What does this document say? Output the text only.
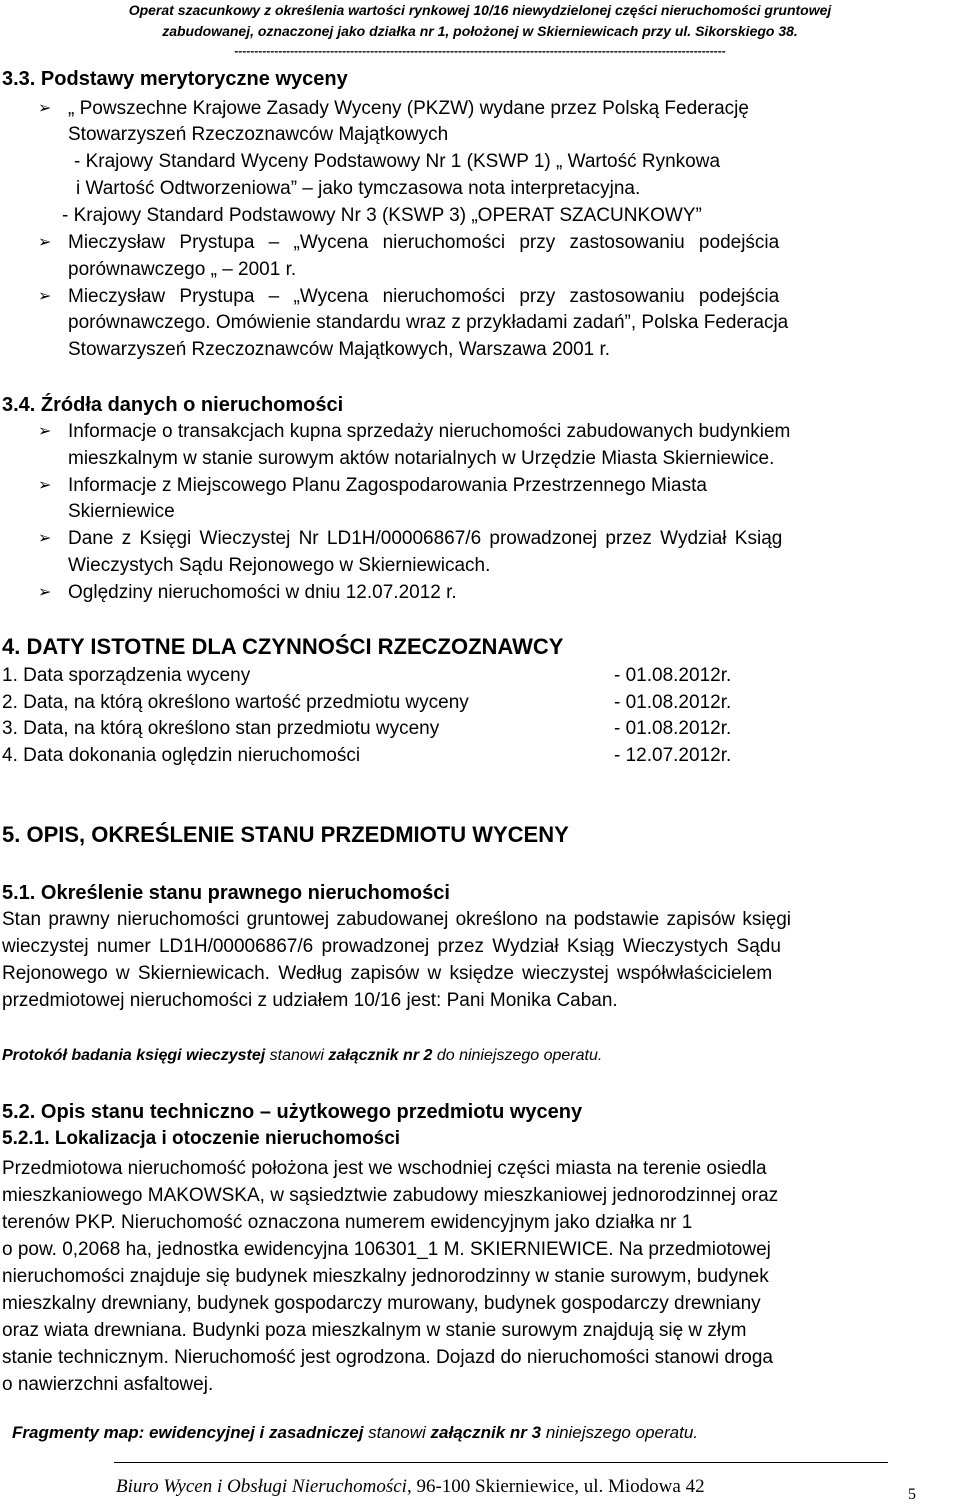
Operat szacunkowy z określenia wartości rynkowej 10/16 niewydzielonej części nieruchomości gruntowej
zabudowanej, oznaczonej jako działka nr 1, położonej w Skierniewicach przy ul. Sikorskiego 38.
---------------------------------------------------------------------------------------------------------------------------
3.3. Podstawy merytoryczne wyceny
➢ „ Powszechne Krajowe Zasady Wyceny (PKZW) wydane przez Polską Federację
Stowarzyszeń Rzeczoznawców Majątkowych
- Krajowy Standard Wyceny Podstawowy Nr 1 (KSWP 1) „ Wartość Rynkowa
i Wartość Odtworzeniowa” – jako tymczasowa nota interpretacyjna.
- Krajowy Standard Podstawowy Nr 3 (KSWP 3) „OPERAT SZACUNKOWY”
➢ Mieczysław Prystupa – „Wycena nieruchomości przy zastosowaniu podejścia
porównawczego „ – 2001 r.
➢ Mieczysław Prystupa – „Wycena nieruchomości przy zastosowaniu podejścia
porównawczego. Omówienie standardu wraz z przykładami zadań”, Polska Federacja
Stowarzyszeń Rzeczoznawców Majątkowych, Warszawa 2001 r.
3.4. Źródła danych o nieruchomości
➢ Informacje o transakcjach kupna sprzedaży nieruchomości zabudowanych budynkiem
mieszkalnym w stanie surowym aktów notarialnych w Urzędzie Miasta Skierniewice.
➢ Informacje z Miejscowego Planu Zagospodarowania Przestrzennego Miasta
Skierniewice
➢ Dane z Księgi Wieczystej Nr LD1H/00006867/6 prowadzonej przez Wydział Ksiąg
Wieczystych Sądu Rejonowego w Skierniewicach.
➢ Oględziny nieruchomości w dniu 12.07.2012 r.
4. DATY ISTOTNE DLA CZYNNOŚCI RZECZOZNAWCY
1. Data sporządzenia wyceny	- 01.08.2012r.
2. Data, na którą określono wartość przedmiotu wyceny	- 01.08.2012r.
3. Data, na którą określono stan przedmiotu wyceny	- 01.08.2012r.
4. Data dokonania oględzin nieruchomości	- 12.07.2012r.
5. OPIS, OKREŚLENIE STANU PRZEDMIOTU WYCENY
5.1. Określenie stanu prawnego nieruchomości
Stan prawny nieruchomości gruntowej zabudowanej określono na podstawie zapisów księgi
wieczystej numer LD1H/00006867/6 prowadzonej przez Wydział Ksiąg Wieczystych Sądu
Rejonowego w Skierniewicach. Według zapisów w księdze wieczystej współwłaścicielem
przedmiotowej nieruchomości z udziałem 10/16 jest: Pani Monika Caban.
Protokół badania księgi wieczystej stanowi załącznik nr 2 do niniejszego operatu.
5.2. Opis stanu techniczno – użytkowego przedmiotu wyceny
5.2.1. Lokalizacja i otoczenie nieruchomości
Przedmiotowa nieruchomość położona jest we wschodniej części miasta na terenie osiedla
mieszkaniowego MAKOWSKA, w sąsiedztwie zabudowy mieszkaniowej jednorodzinnej oraz
terenów PKP. Nieruchomość oznaczona numerem ewidencyjnym jako działka nr 1
o pow. 0,2068 ha, jednostka ewidencyjna 106301_1 M. SKIERNIEWICE. Na przedmiotowej
nieruchomości znajduje się budynek mieszkalny jednorodzinny w stanie surowym, budynek
mieszkalny drewniany, budynek gospodarczy murowany, budynek gospodarczy drewniany
oraz wiata drewniana. Budynki poza mieszkalnym w stanie surowym znajdują się w złym
stanie technicznym. Nieruchomość jest ogrodzona. Dojazd do nieruchomości stanowi droga
o nawierzchni asfaltowej.
Fragmenty map: ewidencyjnej i zasadniczej stanowi załącznik nr 3 niniejszego operatu.
Biuro Wycen i Obsługi Nieruchomości, 96-100 Skierniewice, ul. Miodowa 42	5
